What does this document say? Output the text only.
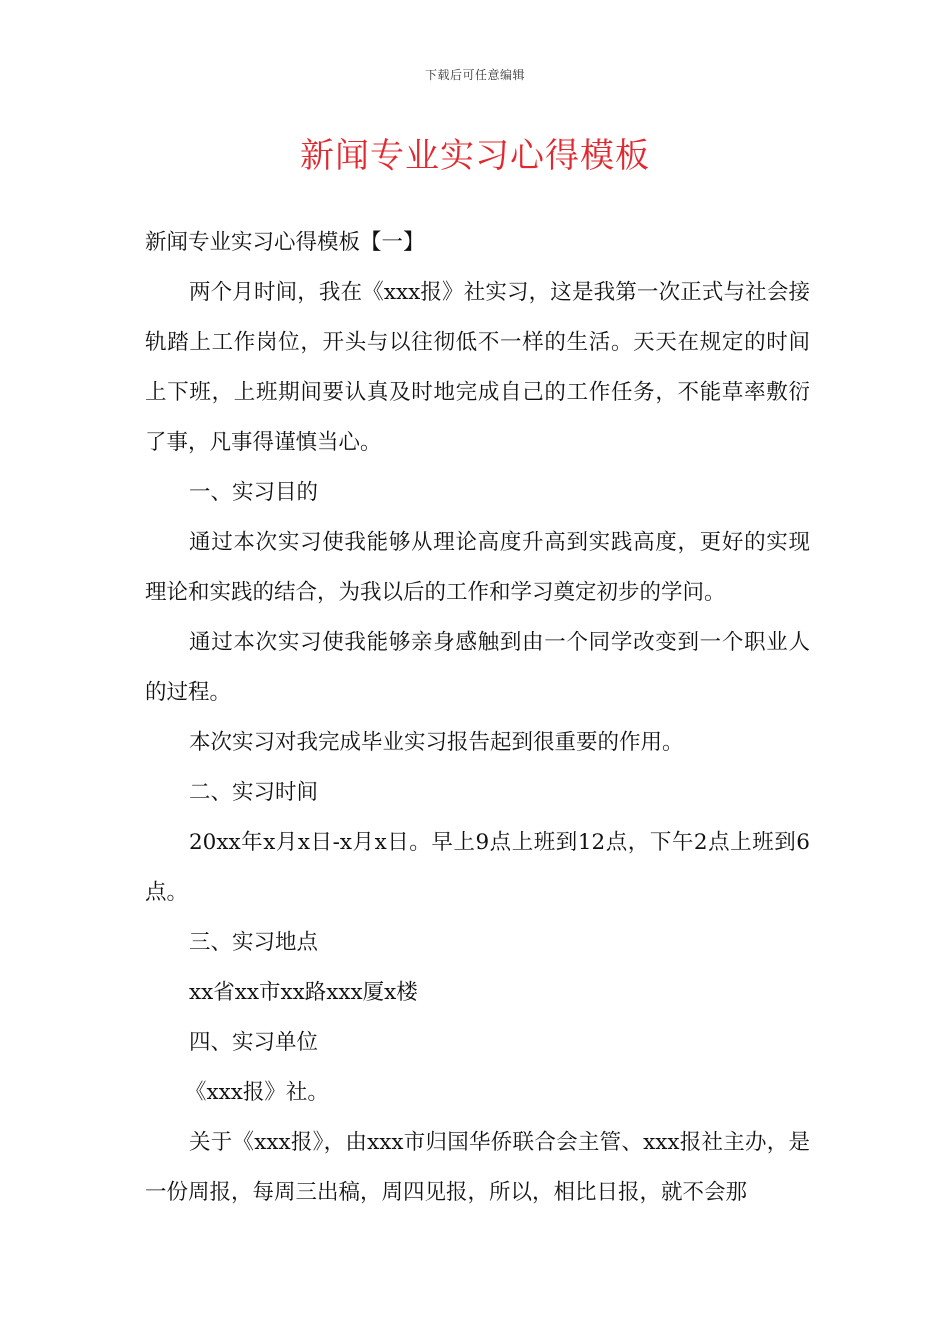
下载后可任意编辑
新闻专业实习心得模板

新闻专业实习心得模板【一】

两个月时间，我在《xxx报》社实习，这是我第一次正式与社会接轨踏上工作岗位，开头与以往彻低不一样的生活。天天在规定的时间上下班，上班期间要认真及时地完成自己的工作任务，不能草率敷衍了事，凡事得谨慎当心。

一、实习目的

通过本次实习使我能够从理论高度升高到实践高度，更好的实现理论和实践的结合，为我以后的工作和学习奠定初步的学问。

通过本次实习使我能够亲身感触到由一个同学改变到一个职业人的过程。

本次实习对我完成毕业实习报告起到很重要的作用。

二、实习时间

20xx年x月x日-x月x日。早上9点上班到12点，下午2点上班到6点。

三、实习地点

xx省xx市xx路xxx厦x楼

四、实习单位

《xxx报》社。

关于《xxx报》，由xxx市归国华侨联合会主管、xxx报社主办，是一份周报，每周三出稿，周四见报，所以，相比日报，就不会那
